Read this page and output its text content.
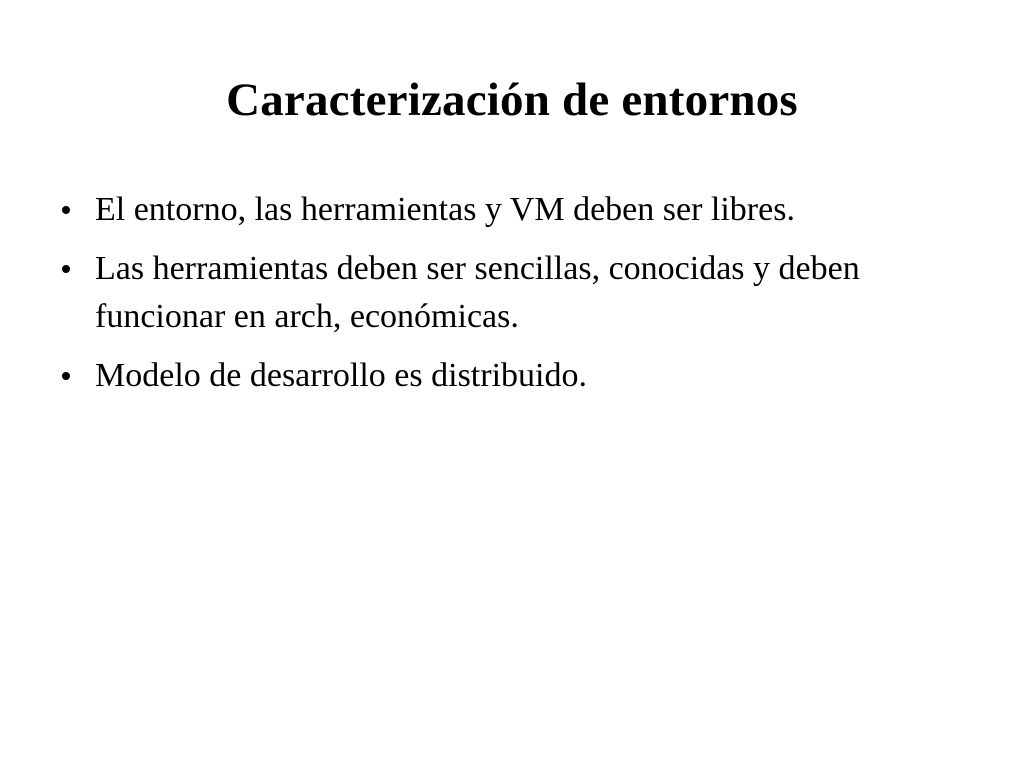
Caracterización de entornos
El entorno, las herramientas y VM deben ser libres.
Las herramientas deben ser sencillas, conocidas y deben funcionar en arch, económicas.
Modelo de desarrollo es distribuido.
